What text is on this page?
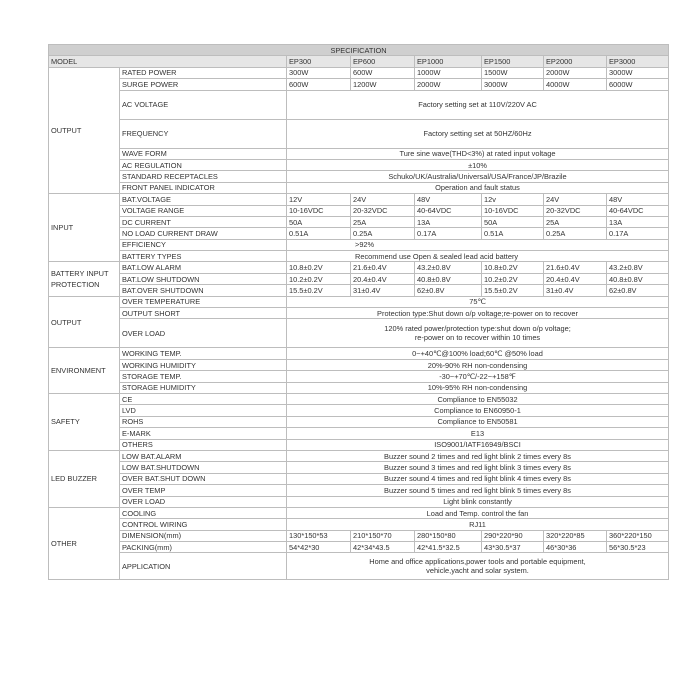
SPECIFICATION							
MODEL		EP300	EP600	EP1000	EP1500	EP2000	EP3000
OUTPUT	RATED POWER	300W	600W	1000W	1500W	2000W	3000W
	SURGE POWER	600W	1200W	2000W	3000W	4000W	6000W
	AC VOLTAGE	Factory setting set at 110V/220V AC					
	FREQUENCY	Factory setting set at 50HZ/60Hz					
	WAVE FORM	Ture sine wave(THD<3%) at rated input voltage					
	AC REGULATION	±10%					
	STANDARD RECEPTACLES	Schuko/UK/Australia/Universal/USA/France/JP/Brazile					
	FRONT PANEL INDICATOR	Operation and fault status					
INPUT	BAT.VOLTAGE	12V	24V	48V	12v	24V	48V
	VOLTAGE RANGE	10-16VDC	20-32VDC	40-64VDC	10-16VDC	20-32VDC	40-64VDC
	DC CURRENT	50A	25A	13A	50A	25A	13A
	NO LOAD CURRENT DRAW	0.51A	0.25A	0.17A	0.51A	0.25A	0.17A
	EFFICIENCY	>92%					
	BATTERY TYPES	Recommend use Open & sealed lead acid battery					
BATTERY INPUT PROTECTION	BAT.LOW ALARM	10.8±0.2V	21.6±0.4V	43.2±0.8V	10.8±0.2V	21.6±0.4V	43.2±0.8V
	BAT.LOW SHUTDOWN	10.2±0.2V	20.4±0.4V	40.8±0.8V	10.2±0.2V	20.4±0.4V	40.8±0.8V
	BAT.OVER SHUTDOWN	15.5±0.2V	31±0.4V	62±0.8V	15.5±0.2V	31±0.4V	62±0.8V
OUTPUT	OVER TEMPERATURE	75℃					
	OUTPUT SHORT	Protection type:Shut down o/p voltage;re-power on to recover					
	OVER LOAD	120% rated power/protection type:shut down o/p voltage;
re-power on to recover within 10 times					

ENVIRONMENT	WORKING TEMP.	0~+40℃@100% load;60℃ @50% load					
	WORKING HUMIDITY	20%-90% RH non-condensing					
	STORAGE TEMP.	-30~+70℃/-22~+158℉					
	STORAGE HUMIDITY	10%-95% RH non-condensing					
SAFETY	CE	Compliance to EN55032					
	LVD	Compliance to EN60950-1					
	ROHS	Compliance to EN50581					
	E-MARK	E13					
	OTHERS	ISO9001/IATF16949/BSCI					
LED BUZZER	LOW BAT.ALARM	Buzzer sound 2 times and red light blink 2 times every 8s					
	LOW BAT.SHUTDOWN	Buzzer sound 3 times and red light blink 3 times every 8s					
	OVER BAT.SHUT DOWN	Buzzer sound 4 times and red light blink 4 times every 8s					
	OVER TEMP	Buzzer sound 5 times and red light blink 5 times every 8s					
	OVER LOAD	Light blink constantly					
OTHER	COOLING	Load and Temp. control the fan					
	CONTROL WIRING	RJ11					
	DIMENSION(mm)	130*150*53	210*150*70	280*150*80	290*220*90	320*220*85	360*220*150
	PACKING(mm)	54*42*30	42*34*43.5	42*41.5*32.5	43*30.5*37	46*30*36	56*30.5*23
	APPLICATION	Home and office applications,power tools and portable equipment,
vehicle,yacht and solar system.					
